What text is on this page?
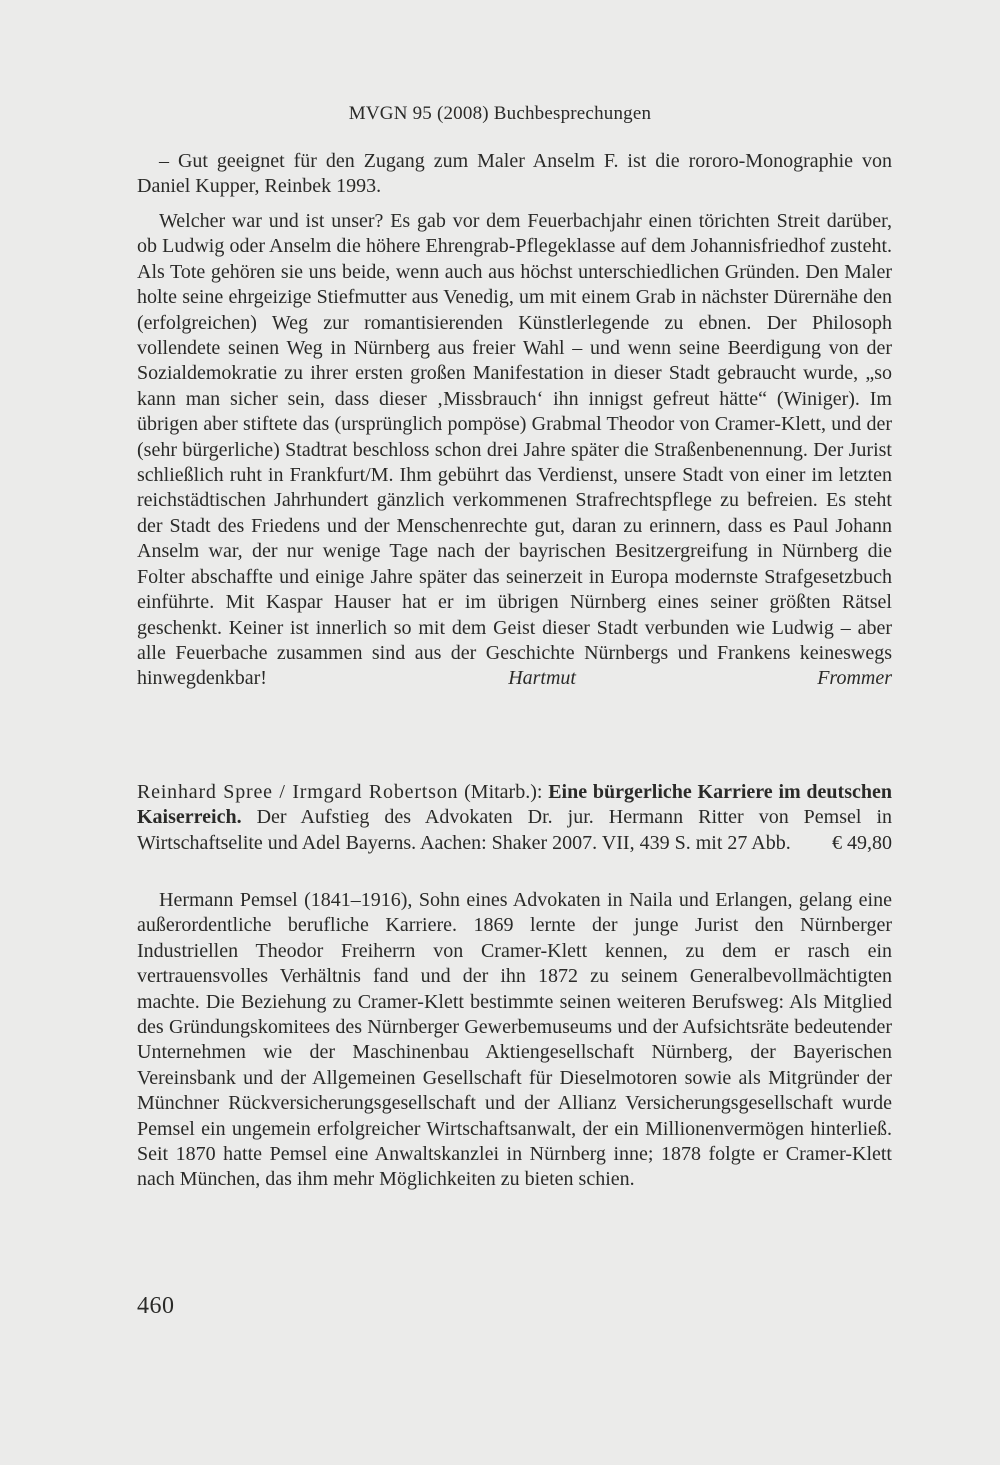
MVGN 95 (2008) Buchbesprechungen

– Gut geeignet für den Zugang zum Maler Anselm F. ist die rororo-Monographie von Daniel Kupper, Reinbek 1993.

Welcher war und ist unser? Es gab vor dem Feuerbachjahr einen törichten Streit darüber, ob Ludwig oder Anselm die höhere Ehrengrab-Pflegeklasse auf dem Johannisfriedhof zusteht. Als Tote gehören sie uns beide, wenn auch aus höchst unterschiedlichen Gründen. Den Maler holte seine ehrgeizige Stiefmutter aus Venedig, um mit einem Grab in nächster Dürernähe den (erfolgreichen) Weg zur romantisierenden Künstlerlegende zu ebnen. Der Philosoph vollendete seinen Weg in Nürnberg aus freier Wahl – und wenn seine Beerdigung von der Sozialdemokratie zu ihrer ersten großen Manifestation in dieser Stadt gebraucht wurde, „so kann man sicher sein, dass dieser ‚Missbrauch‘ ihn innigst gefreut hätte“ (Winiger). Im übrigen aber stiftete das (ursprünglich pompöse) Grabmal Theodor von Cramer-Klett, und der (sehr bürgerliche) Stadtrat beschloss schon drei Jahre später die Straßenbenennung. Der Jurist schließlich ruht in Frankfurt/M. Ihm gebührt das Verdienst, unsere Stadt von einer im letzten reichstädtischen Jahrhundert gänzlich verkommenen Strafrechtspflege zu befreien. Es steht der Stadt des Friedens und der Menschenrechte gut, daran zu erinnern, dass es Paul Johann Anselm war, der nur wenige Tage nach der bayrischen Besitzergreifung in Nürnberg die Folter abschaffte und einige Jahre später das seinerzeit in Europa modernste Strafgesetzbuch einführte. Mit Kaspar Hauser hat er im übrigen Nürnberg eines seiner größten Rätsel geschenkt. Keiner ist innerlich so mit dem Geist dieser Stadt verbunden wie Ludwig – aber alle Feuerbache zusammen sind aus der Geschichte Nürnbergs und Frankens keineswegs hinwegdenkbar!	Hartmut Frommer

Reinhard Spree / Irmgard Robertson (Mitarb.): Eine bürgerliche Karriere im deutschen Kaiserreich. Der Aufstieg des Advokaten Dr. jur. Hermann Ritter von Pemsel in Wirtschaftselite und Adel Bayerns. Aachen: Shaker 2007. VII, 439 S. mit 27 Abb. € 49,80

Hermann Pemsel (1841–1916), Sohn eines Advokaten in Naila und Erlangen, gelang eine außerordentliche berufliche Karriere. 1869 lernte der junge Jurist den Nürnberger Industriellen Theodor Freiherrn von Cramer-Klett kennen, zu dem er rasch ein vertrauensvolles Verhältnis fand und der ihn 1872 zu seinem Generalbevollmächtigten machte. Die Beziehung zu Cramer-Klett bestimmte seinen weiteren Berufsweg: Als Mitglied des Gründungskomitees des Nürnberger Gewerbemuseums und der Aufsichtsräte bedeutender Unternehmen wie der Maschinenbau Aktiengesellschaft Nürnberg, der Bayerischen Vereinsbank und der Allgemeinen Gesellschaft für Dieselmotoren sowie als Mitgründer der Münchner Rückversicherungsgesellschaft und der Allianz Versicherungsgesellschaft wurde Pemsel ein ungemein erfolgreicher Wirtschaftsanwalt, der ein Millionenvermögen hinterließ. Seit 1870 hatte Pemsel eine Anwaltskanzlei in Nürnberg inne; 1878 folgte er Cramer-Klett nach München, das ihm mehr Möglichkeiten zu bieten schien.

460
